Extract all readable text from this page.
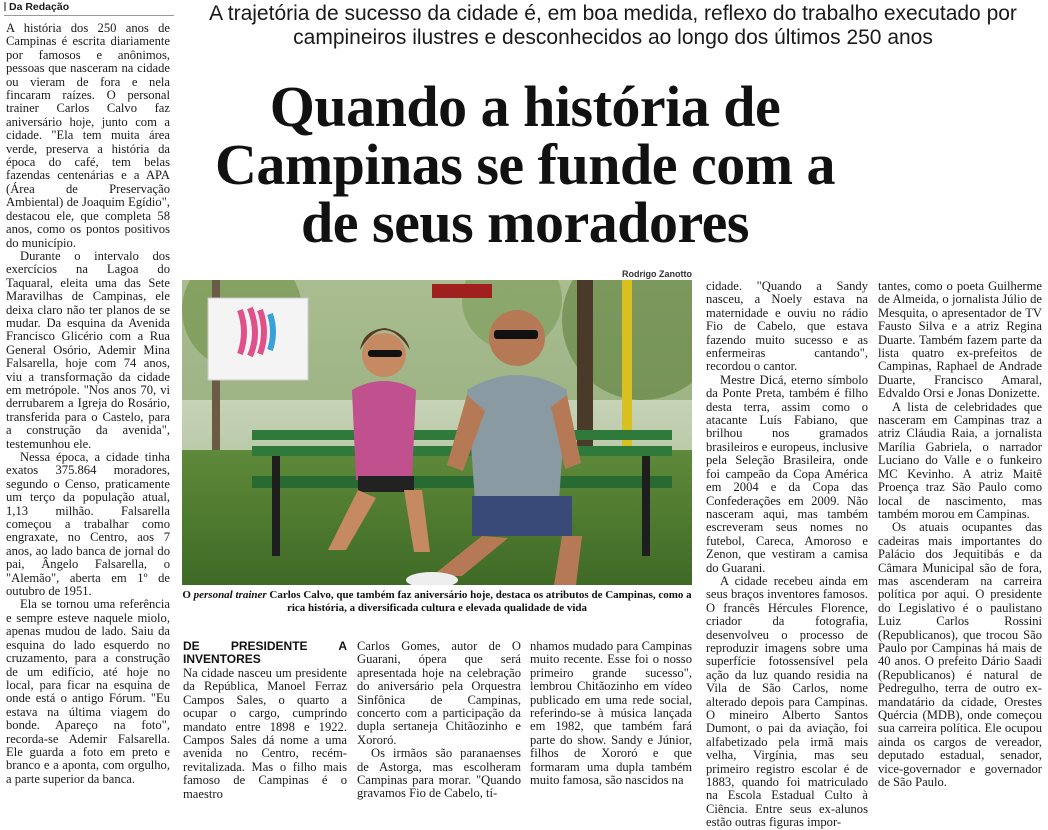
Da Redação	A trajetória de sucesso da cidade é, em boa medida, reflexo do trabalho executado por campineiros ilustres e desconhecidos ao longo dos últimos 250 anos
Quando a história de
Campinas se funde com a
de seus moradores

A história dos 250 anos de Campinas é escrita diariamente por famosos e anônimos, pessoas que nasceram na cidade ou vieram de fora e nela fincaram raízes. O personal trainer Carlos Calvo faz aniversário hoje, junto com a cidade. "Ela tem muita área verde, preserva a história da época do café, tem belas fazendas centenárias e a APA (Área de Preservação Ambiental) de Joaquim Egídio", destacou ele, que completa 58 anos, como os pontos positivos do município.

Durante o intervalo dos exercícios na Lagoa do Taquaral, eleita uma das Sete Maravilhas de Campinas, ele deixa claro não ter planos de se mudar. Da esquina da Avenida Francisco Glicério com a Rua General Osório, Ademir Mina Falsarella, hoje com 74 anos, viu a transformação da cidade em metrópole. "Nos anos 70, vi derrubarem a Igreja do Rosário, transferida para o Castelo, para a construção da avenida", testemunhou ele.

Nessa época, a cidade tinha exatos 375.864 moradores, segundo o Censo, praticamente um terço da população atual, 1,13 milhão. Falsarella começou a trabalhar como engraxate, no Centro, aos 7 anos, ao lado banca de jornal do pai, Ângelo Falsarella, o "Alemão", aberta em 1º de outubro de 1951.

Ela se tornou uma referência e sempre esteve naquele miolo, apenas mudou de lado. Saiu da esquina do lado esquerdo no cruzamento, para a construção de um edifício, até hoje no local, para ficar na esquina de onde está o antigo Fórum. "Eu estava na última viagem do bonde. Apareço na foto", recorda-se Ademir Falsarella. Ele guarda a foto em preto e branco e a aponta, com orgulho, a parte superior da banca.

Rodrigo Zanotto
O personal trainer Carlos Calvo, que também faz aniversário hoje, destaca os atributos de Campinas, como a rica história, a diversificada cultura e elevada qualidade de vida
DE PRESIDENTE A INVENTORES

Na cidade nasceu um presidente da República, Manoel Ferraz Campos Sales, o quarto a ocupar o cargo, cumprindo mandato entre 1898 e 1922. Campos Sales dá nome a uma avenida no Centro, recém-revitalizada. Mas o filho mais famoso de Campinas é o maestro

Carlos Gomes, autor de O Guarani, ópera que será apresentada hoje na celebração do aniversário pela Orquestra Sinfônica de Campinas, concerto com a participação da dupla sertaneja Chitãozinho e Xororó.

Os irmãos são paranaenses de Astorga, mas escolheram Campinas para morar. "Quando gravamos Fio de Cabelo, tí-

nhamos mudado para Campinas muito recente. Esse foi o nosso primeiro grande sucesso", lembrou Chitãozinho em vídeo publicado em uma rede social, referindo-se à música lançada em 1982, que também fará parte do show. Sandy e Júnior, filhos de Xororó e que formaram uma dupla também muito famosa, são nascidos na

cidade. "Quando a Sandy nasceu, a Noely estava na maternidade e ouviu no rádio Fio de Cabelo, que estava fazendo muito sucesso e as enfermeiras cantando", recordou o cantor.

Mestre Dicá, eterno símbolo da Ponte Preta, também é filho desta terra, assim como o atacante Luís Fabiano, que brilhou nos gramados brasileiros e europeus, inclusive pela Seleção Brasileira, onde foi campeão da Copa América em 2004 e da Copa das Confederações em 2009. Não nasceram aqui, mas também escreveram seus nomes no futebol, Careca, Amoroso e Zenon, que vestiram a camisa do Guarani.

A cidade recebeu ainda em seus braços inventores famosos. O francês Hércules Florence, criador da fotografia, desenvolveu o processo de reproduzir imagens sobre uma superfície fotossensível pela ação da luz quando residia na Vila de São Carlos, nome alterado depois para Campinas. O mineiro Alberto Santos Dumont, o pai da aviação, foi alfabetizado pela irmã mais velha, Virgínia, mas seu primeiro registro escolar é de 1883, quando foi matriculado na Escola Estadual Culto à Ciência. Entre seus ex-alunos estão outras figuras impor-

tantes, como o poeta Guilherme de Almeida, o jornalista Júlio de Mesquita, o apresentador de TV Fausto Silva e a atriz Regina Duarte. Também fazem parte da lista quatro ex-prefeitos de Campinas, Raphael de Andrade Duarte, Francisco Amaral, Edvaldo Orsi e Jonas Donizette.

A lista de celebridades que nasceram em Campinas traz a atriz Cláudia Raia, a jornalista Marília Gabriela, o narrador Luciano do Valle e o funkeiro MC Kevinho. A atriz Maitê Proença traz São Paulo como local de nascimento, mas também morou em Campinas.

Os atuais ocupantes das cadeiras mais importantes do Palácio dos Jequitibás e da Câmara Municipal são de fora, mas ascenderam na carreira política por aqui. O presidente do Legislativo é o paulistano Luiz Carlos Rossini (Republicanos), que trocou São Paulo por Campinas há mais de 40 anos. O prefeito Dário Saadi (Republicanos) é natural de Pedregulho, terra de outro ex-mandatário da cidade, Orestes Quércia (MDB), onde começou sua carreira política. Ele ocupou ainda os cargos de vereador, deputado estadual, senador, vice-governador e governador de São Paulo.
